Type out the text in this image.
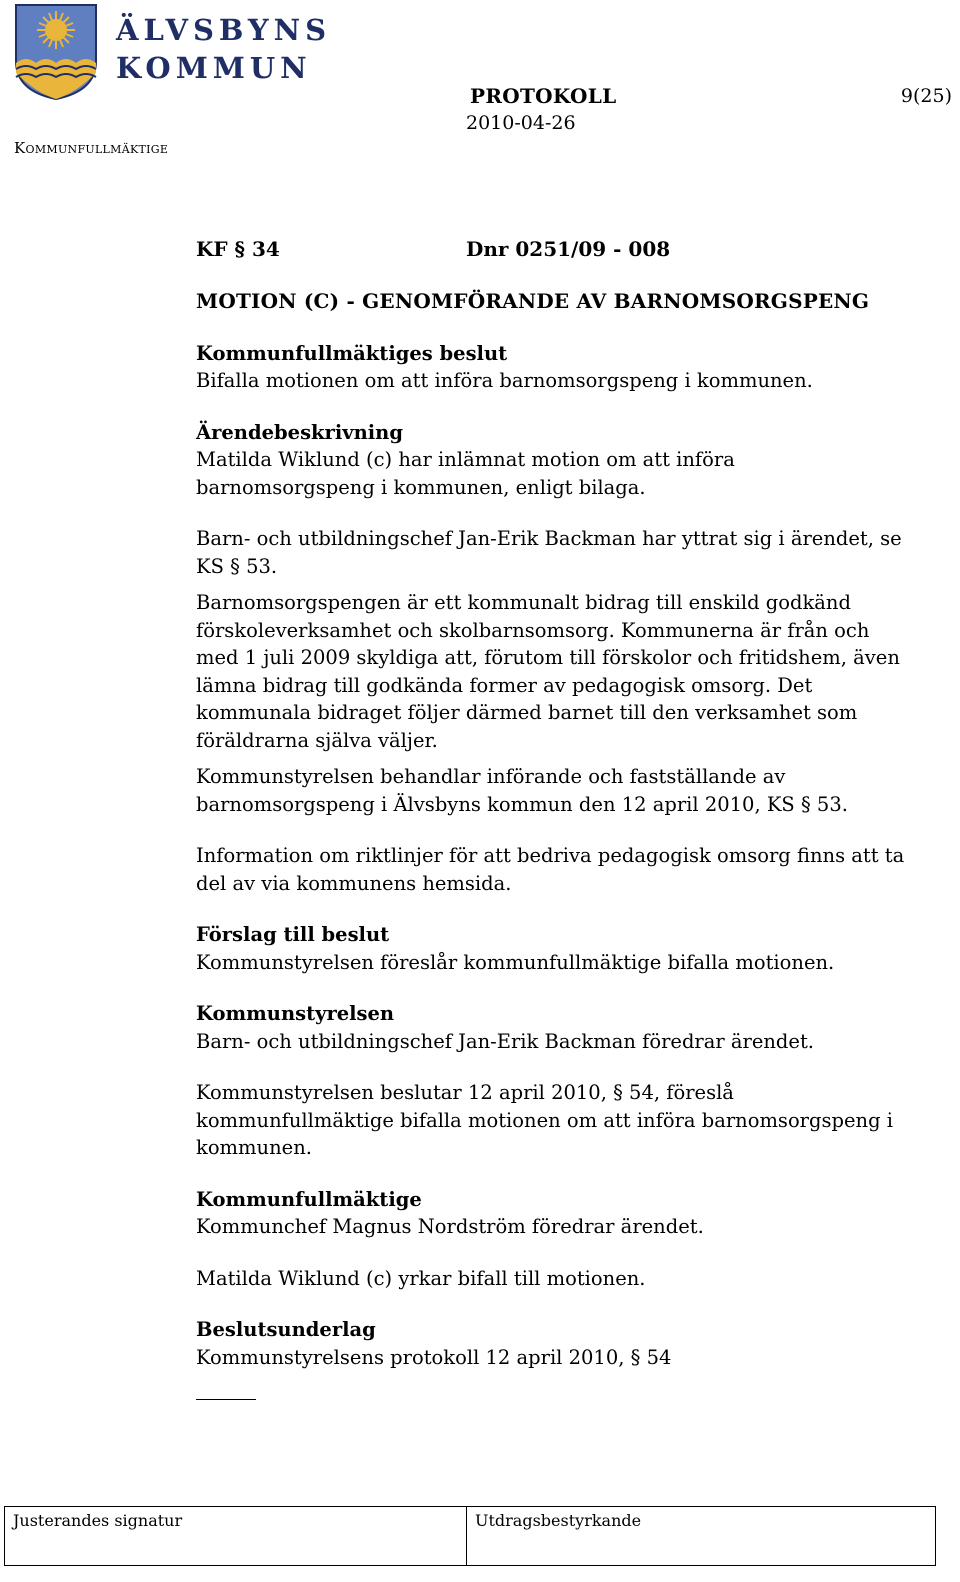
ÄLVSBYNS
KOMMUN
Kommunfullmäktige
PROTOKOLL
2010-04-26
9(25)
KF § 34	Dnr 0251/09 - 008
MOTION (C) - GENOMFÖRANDE AV BARNOMSORGSPENG

Kommunfullmäktiges beslut

Bifalla motionen om att införa barnomsorgspeng i kommunen.

Ärendebeskrivning

Matilda Wiklund (c) har inlämnat motion om att införa barnomsorgspeng i kommunen, enligt bilaga.

Barn- och utbildningschef Jan-Erik Backman har yttrat sig i ärendet, se KS § 53.

Barnomsorgspengen är ett kommunalt bidrag till enskild godkänd förskoleverksamhet och skolbarnsomsorg. Kommunerna är från och med 1 juli 2009 skyldiga att, förutom till förskolor och fritidshem, även lämna bidrag till godkända former av pedagogisk omsorg. Det kommunala bidraget följer därmed barnet till den verksamhet som föräldrarna själva väljer.

Kommunstyrelsen behandlar införande och fastställande av barnomsorgspeng i Älvsbyns kommun den 12 april 2010, KS § 53.

Information om riktlinjer för att bedriva pedagogisk omsorg finns att ta del av via kommunens hemsida.

Förslag till beslut

Kommunstyrelsen föreslår kommunfullmäktige bifalla motionen.

Kommunstyrelsen

Barn- och utbildningschef Jan-Erik Backman föredrar ärendet.

Kommunstyrelsen beslutar 12 april 2010, § 54, föreslå kommunfullmäktige bifalla motionen om att införa barnomsorgspeng i kommunen.

Kommunfullmäktige

Kommunchef Magnus Nordström föredrar ärendet.

Matilda Wiklund (c) yrkar bifall till motionen.

Beslutsunderlag

Kommunstyrelsens protokoll 12 april 2010, § 54

Justerandes signatur	Utdragsbestyrkande
